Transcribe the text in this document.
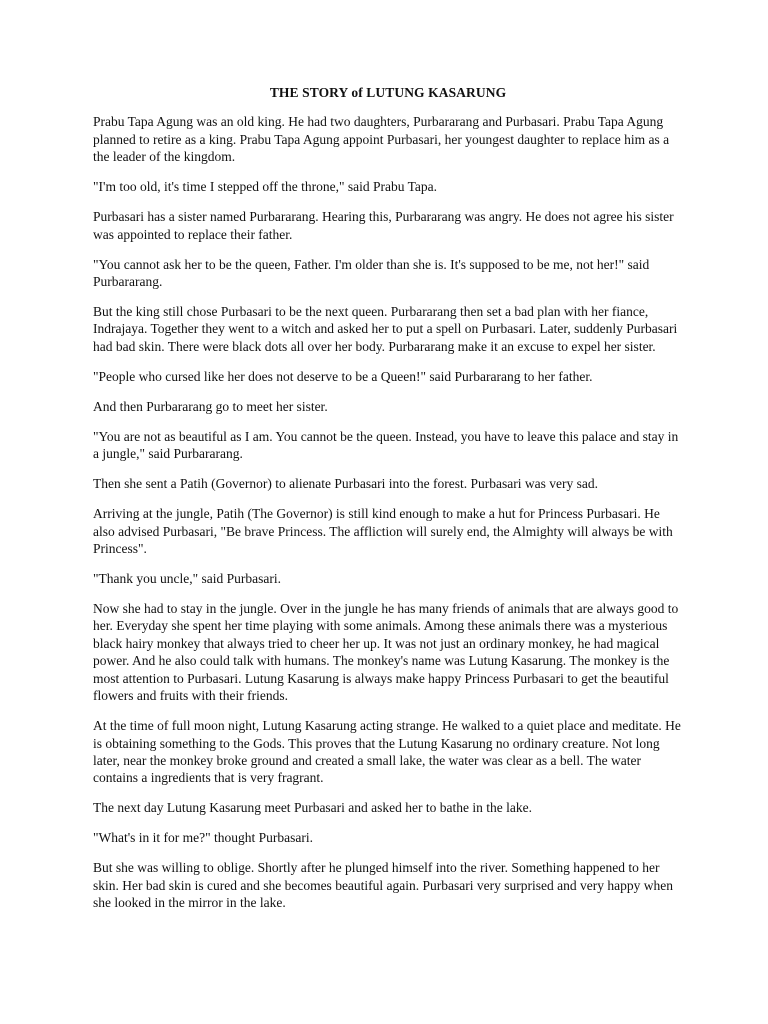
THE STORY of LUTUNG KASARUNG

Prabu Tapa Agung was an old king. He had two daughters, Purbararang and Purbasari. Prabu Tapa Agung planned to retire as a king. Prabu Tapa Agung appoint Purbasari, her youngest daughter to replace him as a the leader of the kingdom.

"I'm too old, it's time I stepped off the throne," said Prabu Tapa.

Purbasari has a sister named Purbararang. Hearing this, Purbararang was angry. He does not agree his sister was appointed to replace their father.

"You cannot ask her to be the queen, Father. I'm older than she is. It's supposed to be me, not her!" said Purbararang.

But the king still chose Purbasari to be the next queen. Purbararang then set a bad plan with her fiance, Indrajaya. Together they went to a witch and asked her to put a spell on Purbasari. Later, suddenly Purbasari had bad skin. There were black dots all over her body. Purbararang make it an excuse to expel her sister.

"People who cursed like her does not deserve to be a Queen!" said Purbararang to her father.

And then Purbararang go to meet her sister.

"You are not as beautiful as I am. You cannot be the queen. Instead, you have to leave this palace and stay in a jungle," said Purbararang.

Then she sent a Patih (Governor) to alienate Purbasari into the forest. Purbasari was very sad.

Arriving at the jungle, Patih (The Governor) is still kind enough to make a hut for Princess Purbasari. He also advised Purbasari, "Be brave Princess. The affliction will surely end, the Almighty will always be with Princess".

"Thank you uncle," said Purbasari.

Now she had to stay in the jungle. Over in the jungle he has many friends of animals that are always good to her. Everyday she spent her time playing with some animals. Among these animals there was a mysterious black hairy monkey that always tried to cheer her up. It was not just an ordinary monkey, he had magical power. And he also could talk with humans. The monkey's name was Lutung Kasarung. The monkey is the most attention to Purbasari. Lutung Kasarung is always make happy Princess Purbasari to get the beautiful flowers and fruits with their friends.

At the time of full moon night, Lutung Kasarung acting strange. He walked to a quiet place and meditate. He is obtaining something to the Gods. This proves that the Lutung Kasarung no ordinary creature. Not long later, near the monkey broke ground and created a small lake, the water was clear as a bell. The water contains a ingredients that is very fragrant.

The next day Lutung Kasarung meet Purbasari and asked her to bathe in the lake.

"What's in it for me?" thought Purbasari.

But she was willing to oblige. Shortly after he plunged himself into the river. Something happened to her skin. Her bad skin is cured and she becomes beautiful again. Purbasari very surprised and very happy when she looked in the mirror in the lake.
